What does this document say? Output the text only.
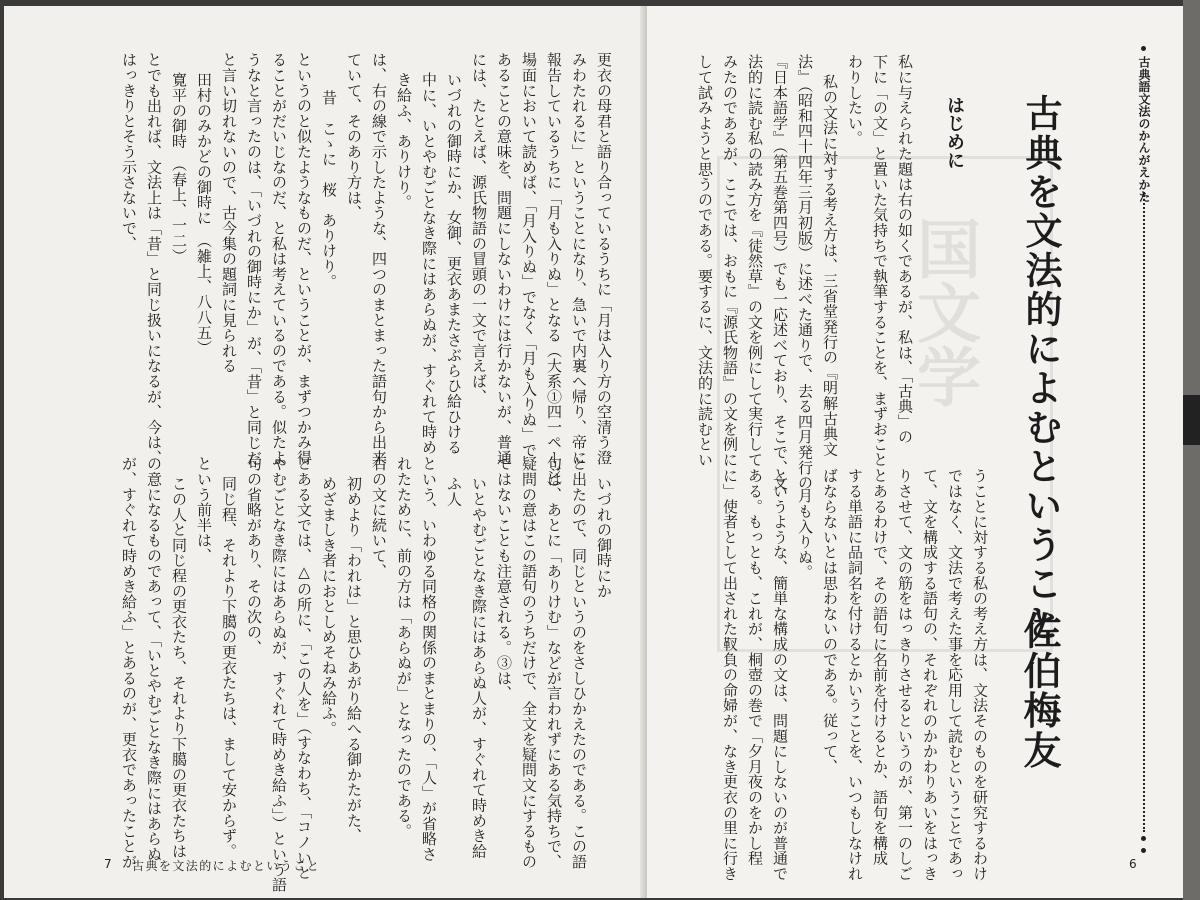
更衣の母君と語り合っているうちに「月は入り方の空清う澄
みわたれるに」ということになり、急いで内裏へ帰り、帝に
報告しているうちに「月も入りぬ」となる（大系①四一ページ）
場面において読めば、「月入りぬ」でなく「月も入りぬ」で
あることの意味を、問題にしないわけには行かないが、普通
には、たとえば、源氏物語の冒頭の一文で言えば、
いづれの御時にか、女御、更衣あまたさぶらひ給ひける
中に、いとやむごとなき際にはあらぬが、すぐれて時め
き給ふ、ありけり。
は、右の線で示したような、四つのまとまった語句から出来
ていて、そのあり方は、
昔　こゝに　桜　ありけり。
というのと似たようなものだ、ということが、まずつかみ得
ることがだいじなのだ、と私は考えているのである。似たよ
うなと言ったのは、「いづれの御時にか」が、「昔」と同じだ
と言い切れないので、古今集の題詞に見られる
田村のみかどの御時に　（雑上、八八五）
寛平の御時　（春上、一二）
とでも出れば、文法上は「昔」と同じ扱いになるが、今は、
はっきりとそう示さないで、
いづれの御時にか
と出たので、同じというのをさしひかえたのである。この語
句は、あとに「ありけむ」などが言われずにある気持ちで、
疑問の意はこの語句のうちだけで、全文を疑問文にするもの
ではないことも注意される。③は、
いとやむごとなき際にはあらぬ人が、すぐれて時めき給
ふ人
という、いわゆる同格の関係のまとまりの、「人」が省略さ
れたために、前の方は「あらぬが」となったのである。
右の文に続いて、
初めより「われは」と思ひあがり給へる御かたがた、
めざましき者におとしめそねみ給ふ。
とある文では、△の所に、「この人を」（すなわち、「コノいと
やむごとなき際にはあらぬが、すぐれて時めき給ふ」）という語
句の省略があり、その次の、
同じ程、それより下臈の更衣たちは、まして安からず。
という前半は、
この人と同じ程の更衣たち、それより下臈の更衣たちは
の意になるものであって、「いとやむごとなき際にはあらぬ
が、すぐれて時めき給ふ」とあるのが、更衣であったことが
7 古典を文法的によむということ
国文学
古典語文法のかんがえかた
古典を文法的によむということ
佐伯梅友
はじめに
私に与えられた題は右の如くであるが、私は、「古典」の
下に「の文」と置いた気持ちで執筆することを、まずおこと
わりしたい。
私の文法に対する考え方は、三省堂発行の『明解古典文
法』（昭和四十四年三月初版）に述べた通りで、去る四月発行の
『日本語学』（第五巻第四号）でも一応述べており、そこで、文
法的に読む私の読み方を『徒然草』の文を例にして実行して
みたのであるが、ここでは、おもに『源氏物語』の文を例に
して試みようと思うのである。要するに、文法的に読むとい
うことに対する私の考え方は、文法そのものを研究するわけ
ではなく、文法で考えた事を応用して読むということであっ
て、文を構成する語句の、それぞれのかかわりあいをはっき
りさせて、文の筋をはっきりさせるというのが、第一のしご
とあるわけで、その語句に名前を付けるとか、語句を構成
する単語に品詞名を付けるとかいうことを、いつもしなけれ
ばならないとは思わないのである。従って、
月も入りぬ。
というような、簡単な構成の文は、問題にしないのが普通で
ある。もっとも、これが、桐壺の巻で「夕月夜のをかし程
に」使者として出された靫負の命婦が、なき更衣の里に行き	6
